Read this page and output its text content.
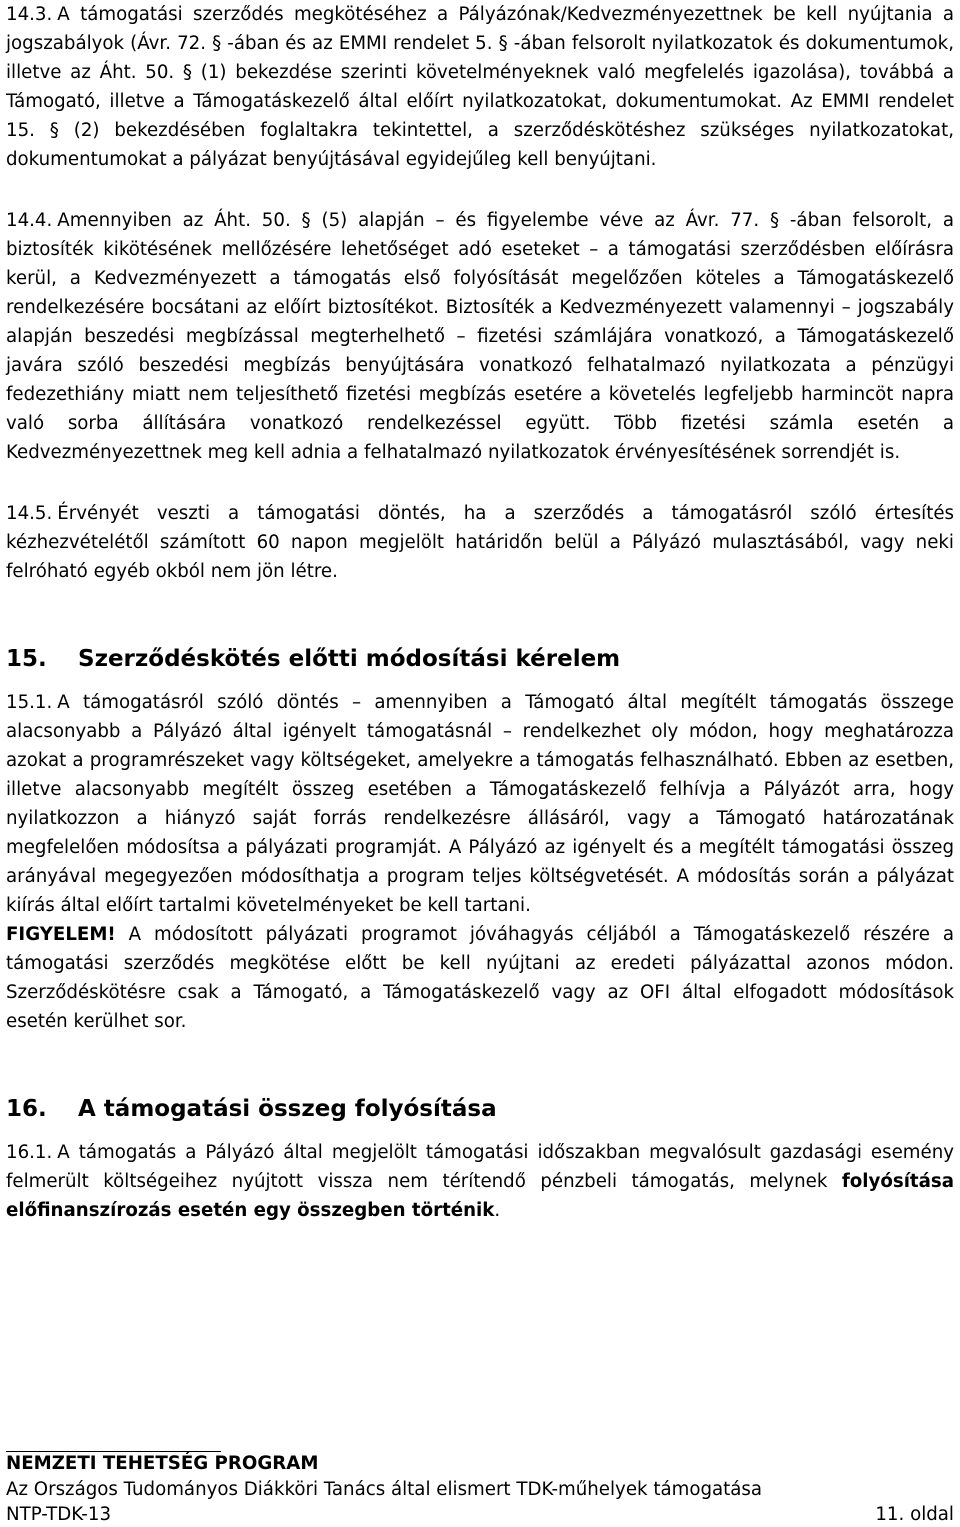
14.3. A támogatási szerződés megkötéséhez a Pályázónak/Kedvezményezettnek be kell nyújtania a jogszabályok (Ávr. 72. § -ában és az EMMI rendelet 5. § -ában felsorolt nyilatkozatok és dokumentumok, illetve az Áht. 50. § (1) bekezdése szerinti követelményeknek való megfelelés igazolása), továbbá a Támogató, illetve a Támogatáskezelő által előírt nyilatkozatokat, dokumentumokat. Az EMMI rendelet 15. § (2) bekezdésében foglaltakra tekintettel, a szerződéskötéshez szükséges nyilatkozatokat, dokumentumokat a pályázat benyújtásával egyidejűleg kell benyújtani.

14.4. Amennyiben az Áht. 50. § (5) alapján – és figyelembe véve az Ávr. 77. § -ában felsorolt, a biztosíték kikötésének mellőzésére lehetőséget adó eseteket – a támogatási szerződésben előírásra kerül, a Kedvezményezett a támogatás első folyósítását megelőzően köteles a Támogatáskezelő rendelkezésére bocsátani az előírt biztosítékot. Biztosíték a Kedvezményezett valamennyi – jogszabály alapján beszedési megbízással megterhelhető – fizetési számlájára vonatkozó, a Támogatáskezelő javára szóló beszedési megbízás benyújtására vonatkozó felhatalmazó nyilatkozata a pénzügyi fedezethiány miatt nem teljesíthető fizetési megbízás esetére a követelés legfeljebb harmincöt napra való sorba állítására vonatkozó rendelkezéssel együtt. Több fizetési számla esetén a Kedvezményezettnek meg kell adnia a felhatalmazó nyilatkozatok érvényesítésének sorrendjét is.

14.5. Érvényét veszti a támogatási döntés, ha a szerződés a támogatásról szóló értesítés kézhezvételétől számított 60 napon megjelölt határidőn belül a Pályázó mulasztásából, vagy neki felróható egyéb okból nem jön létre.

15. Szerződéskötés előtti módosítási kérelem

15.1. A támogatásról szóló döntés – amennyiben a Támogató által megítélt támogatás összege alacsonyabb a Pályázó által igényelt támogatásnál – rendelkezhet oly módon, hogy meghatározza azokat a programrészeket vagy költségeket, amelyekre a támogatás felhasználható. Ebben az esetben, illetve alacsonyabb megítélt összeg esetében a Támogatáskezelő felhívja a Pályázót arra, hogy nyilatkozzon a hiányzó saját forrás rendelkezésre állásáról, vagy a Támogató határozatának megfelelően módosítsa a pályázati programját. A Pályázó az igényelt és a megítélt támogatási összeg arányával megegyezően módosíthatja a program teljes költségvetését. A módosítás során a pályázat kiírás által előírt tartalmi követelményeket be kell tartani.

FIGYELEM! A módosított pályázati programot jóváhagyás céljából a Támogatáskezelő részére a támogatási szerződés megkötése előtt be kell nyújtani az eredeti pályázattal azonos módon. Szerződéskötésre csak a Támogató, a Támogatáskezelő vagy az OFI által elfogadott módosítások esetén kerülhet sor.

16. A támogatási összeg folyósítása

16.1. A támogatás a Pályázó által megjelölt támogatási időszakban megvalósult gazdasági esemény felmerült költségeihez nyújtott vissza nem térítendő pénzbeli támogatás, melynek folyósítása előfinanszírozás esetén egy összegben történik.

NEMZETI TEHETSÉG PROGRAM
Az Országos Tudományos Diákköri Tanács által elismert TDK-műhelyek támogatása
NTP-TDK-13	11. oldal
